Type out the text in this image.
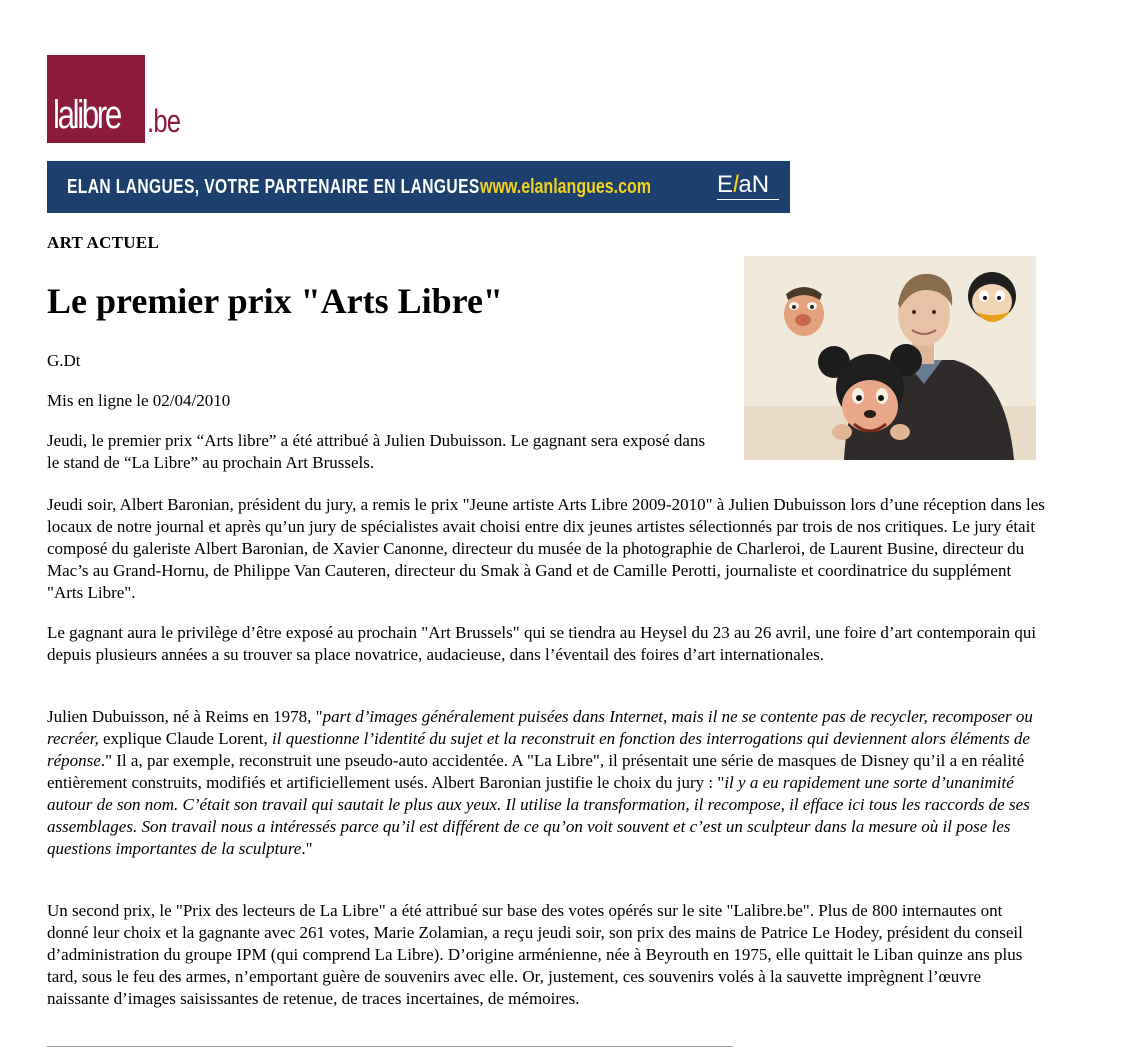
lalibre .be
ELAN LANGUES, VOTRE PARTENAIRE EN LANGUES www.elanlangues.com	ElaN
ART ACTUEL
Le premier prix "Arts Libre"
G.Dt
Mis en ligne le 02/04/2010

Jeudi, le premier prix “Arts libre” a été attribué à Julien Dubuisson. Le gagnant sera exposé dans le stand de “La Libre” au prochain Art Brussels.

Jeudi soir, Albert Baronian, président du jury, a remis le prix "Jeune artiste Arts Libre 2009-2010" à Julien Dubuisson lors d’une réception dans les locaux de notre journal et après qu’un jury de spécialistes avait choisi entre dix jeunes artistes sélectionnés par trois de nos critiques. Le jury était composé du galeriste Albert Baronian, de Xavier Canonne, directeur du musée de la photographie de Charleroi, de Laurent Busine, directeur du Mac’s au Grand-Hornu, de Philippe Van Cauteren, directeur du Smak à Gand et de Camille Perotti, journaliste et coordinatrice du supplément "Arts Libre".

Le gagnant aura le privilège d’être exposé au prochain "Art Brussels" qui se tiendra au Heysel du 23 au 26 avril, une foire d’art contemporain qui depuis plusieurs années a su trouver sa place novatrice, audacieuse, dans l’éventail des foires d’art internationales.

Julien Dubuisson, né à Reims en 1978, "part d’images généralement puisées dans Internet, mais il ne se contente pas de recycler, recomposer ou recréer, explique Claude Lorent, il questionne l’identité du sujet et la reconstruit en fonction des interrogations qui deviennent alors éléments de réponse." Il a, par exemple, reconstruit une pseudo-auto accidentée. A "La Libre", il présentait une série de masques de Disney qu’il a en réalité entièrement construits, modifiés et artificiellement usés. Albert Baronian justifie le choix du jury : "il y a eu rapidement une sorte d’unanimité autour de son nom. C’était son travail qui sautait le plus aux yeux. Il utilise la transformation, il recompose, il efface ici tous les raccords de ses assemblages. Son travail nous a intéressés parce qu’il est différent de ce qu’on voit souvent et c’est un sculpteur dans la mesure où il pose les questions importantes de la sculpture."

Un second prix, le "Prix des lecteurs de La Libre" a été attribué sur base des votes opérés sur le site "Lalibre.be". Plus de 800 internautes ont donné leur choix et la gagnante avec 261 votes, Marie Zolamian, a reçu jeudi soir, son prix des mains de Patrice Le Hodey, président du conseil d’administration du groupe IPM (qui comprend La Libre). D’origine arménienne, née à Beyrouth en 1975, elle quittait le Liban quinze ans plus tard, sous le feu des armes, n’emportant guère de souvenirs avec elle. Or, justement, ces souvenirs volés à la sauvette imprègnent l’œuvre naissante d’images saisissantes de retenue, de traces incertaines, de mémoires.
